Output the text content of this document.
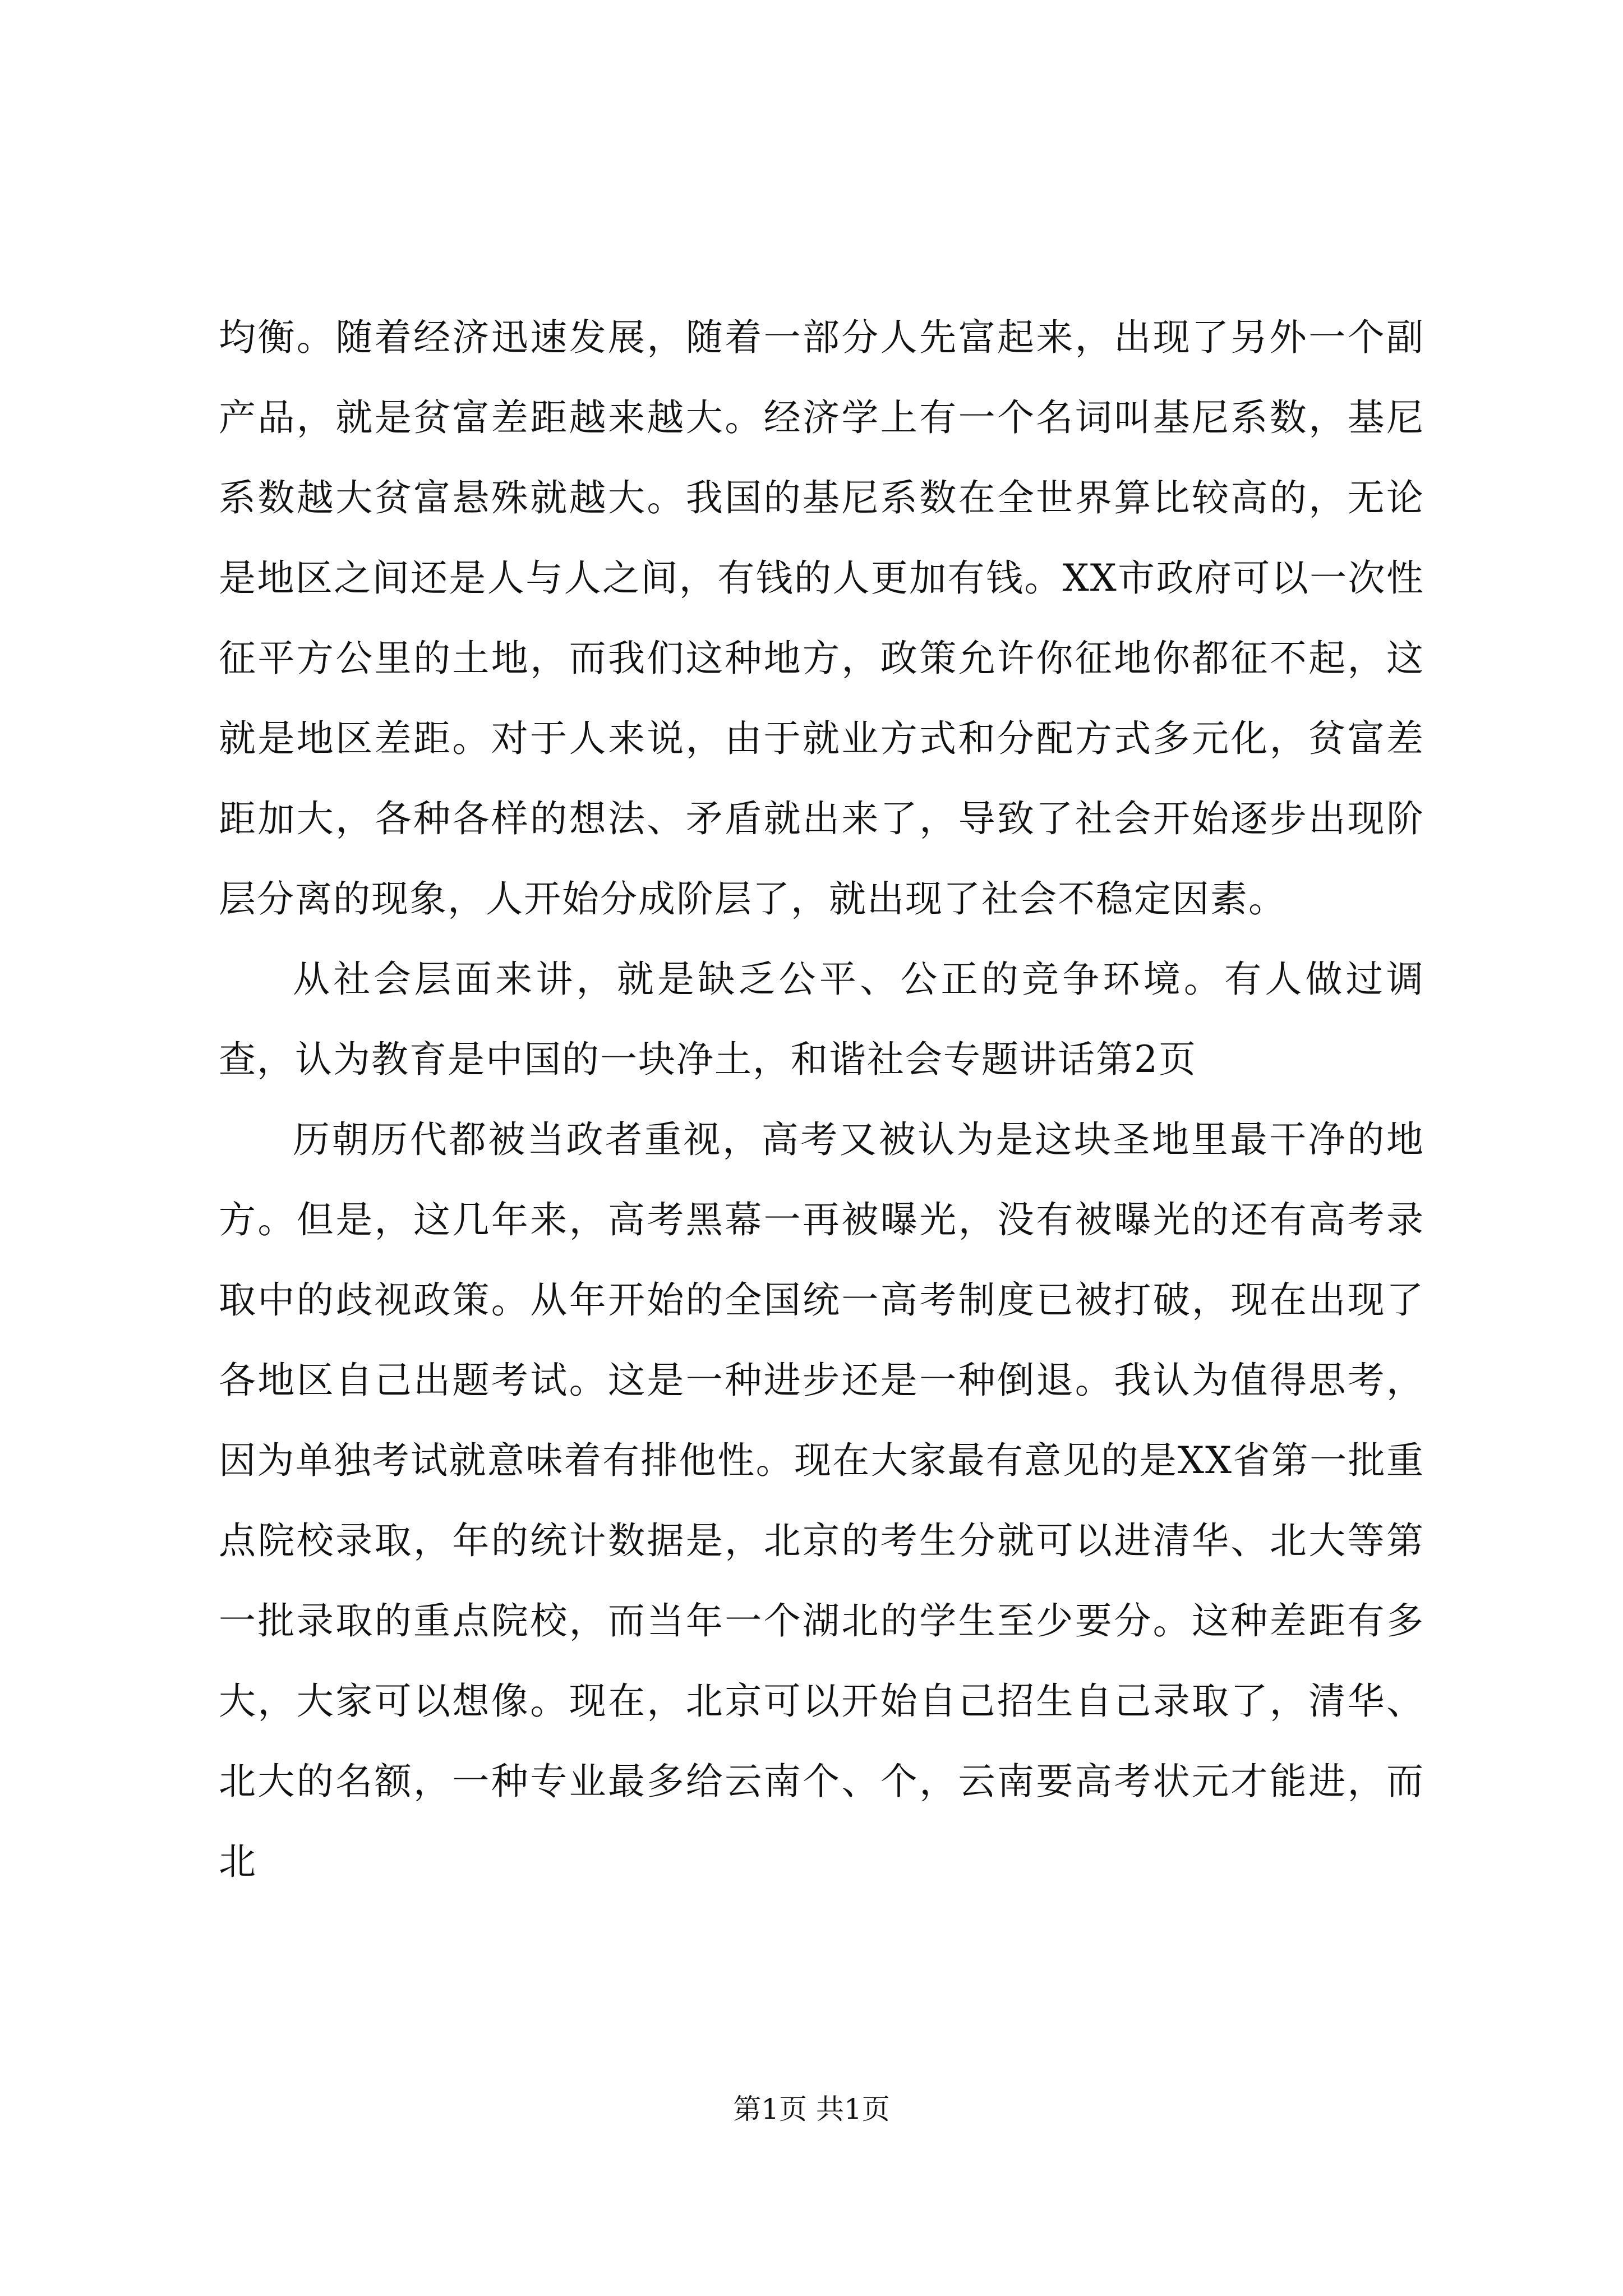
均衡。随着经济迅速发展，随着一部分人先富起来，出现了另外一个副产品，就是贫富差距越来越大。经济学上有一个名词叫基尼系数，基尼系数越大贫富悬殊就越大。我国的基尼系数在全世界算比较高的，无论是地区之间还是人与人之间，有钱的人更加有钱。XX市政府可以一次性征平方公里的土地，而我们这种地方，政策允许你征地你都征不起，这就是地区差距。对于人来说，由于就业方式和分配方式多元化，贫富差距加大，各种各样的想法、矛盾就出来了，导致了社会开始逐步出现阶层分离的现象，人开始分成阶层了，就出现了社会不稳定因素。

从社会层面来讲，就是缺乏公平、公正的竞争环境。有人做过调查，认为教育是中国的一块净土，和谐社会专题讲话第2页

历朝历代都被当政者重视，高考又被认为是这块圣地里最干净的地方。但是，这几年来，高考黑幕一再被曝光，没有被曝光的还有高考录取中的歧视政策。从年开始的全国统一高考制度已被打破，现在出现了各地区自己出题考试。这是一种进步还是一种倒退。我认为值得思考，因为单独考试就意味着有排他性。现在大家最有意见的是XX省第一批重点院校录取，年的统计数据是，北京的考生分就可以进清华、北大等第一批录取的重点院校，而当年一个湖北的学生至少要分。这种差距有多大，大家可以想像。现在，北京可以开始自己招生自己录取了，清华、北大的名额，一种专业最多给云南个、个，云南要高考状元才能进，而北

第1页 共1页
